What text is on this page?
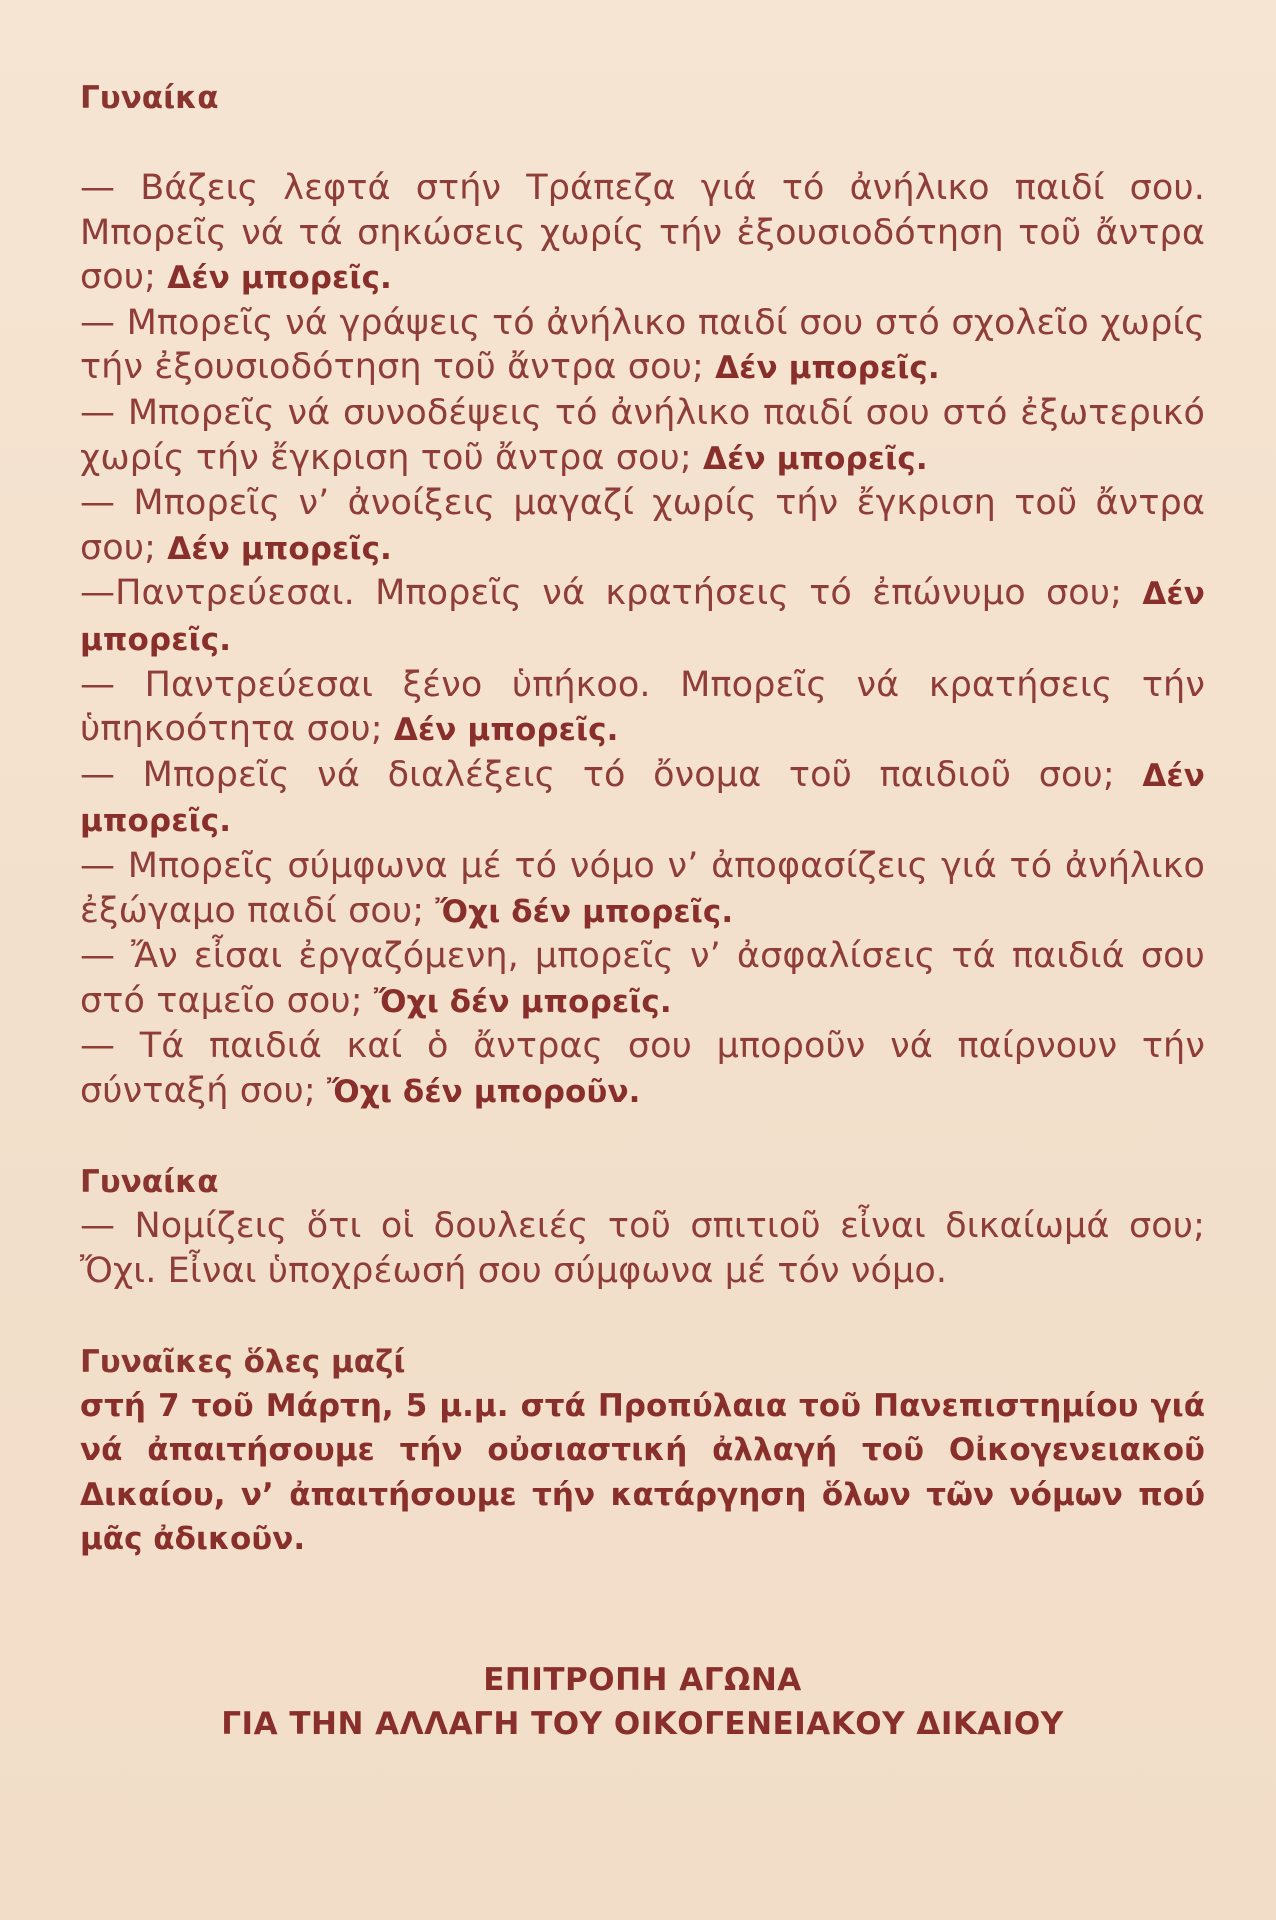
Γυναίκα

— Βάζεις λεφτά στήν Τράπεζα γιά τό ἀνήλικο παιδί σου. Μπορεῖς νά τά σηκώσεις χωρίς τήν ἐξουσιοδότηση τοῦ ἄντρα σου; Δέν μπορεῖς.

— Μπορεῖς νά γράψεις τό ἀνήλικο παιδί σου στό σχολεῖο χωρίς τήν ἐξουσιοδότηση τοῦ ἄντρα σου; Δέν μπορεῖς.

— Μπορεῖς νά συνοδέψεις τό ἀνήλικο παιδί σου στό ἐξωτερικό χωρίς τήν ἔγκριση τοῦ ἄντρα σου; Δέν μπορεῖς.

— Μπορεῖς ν’ ἀνοίξεις μαγαζί χωρίς τήν ἔγκριση τοῦ ἄντρα σου; Δέν μπορεῖς.

—Παντρεύεσαι. Μπορεῖς νά κρατήσεις τό ἐπώνυμο σου; Δέν μπορεῖς.

— Παντρεύεσαι ξένο ὑπήκοο. Μπορεῖς νά κρατήσεις τήν ὑπηκοότητα σου; Δέν μπορεῖς.

— Μπορεῖς νά διαλέξεις τό ὄνομα τοῦ παιδιοῦ σου; Δέν μπορεῖς.

— Μπορεῖς σύμφωνα μέ τό νόμο ν’ ἀποφασίζεις γιά τό ἀνήλικο ἐξώγαμο παιδί σου; Ὄχι δέν μπορεῖς.

— Ἄν εἶσαι ἐργαζόμενη, μπορεῖς ν’ ἀσφαλίσεις τά παιδιά σου στό ταμεῖο σου; Ὄχι δέν μπορεῖς.

— Τά παιδιά καί ὁ ἄντρας σου μποροῦν νά παίρνουν τήν σύνταξή σου; Ὄχι δέν μποροῦν.

Γυναίκα

— Νομίζεις ὅτι οἱ δουλειές τοῦ σπιτιοῦ εἶναι δικαίωμά σου; Ὄχι. Εἶναι ὑποχρέωσή σου σύμφωνα μέ τόν νόμο.

Γυναῖκες ὅλες μαζί

στή 7 τοῦ Μάρτη, 5 μ.μ. στά Προπύλαια τοῦ Πανεπιστημίου γιά νά ἀπαιτήσουμε τήν οὐσιαστική ἀλλαγή τοῦ Οἰκογενειακοῦ Δικαίου, ν’ ἀπαιτήσουμε τήν κατάργηση ὅλων τῶν νόμων πού μᾶς ἀδικοῦν.

ΕΠΙΤΡΟΠΗ ΑΓΩΝΑ
ΓΙΑ ΤΗΝ ΑΛΛΑΓΗ ΤΟΥ ΟΙΚΟΓΕΝΕΙΑΚΟΥ ΔΙΚΑΙΟΥ
